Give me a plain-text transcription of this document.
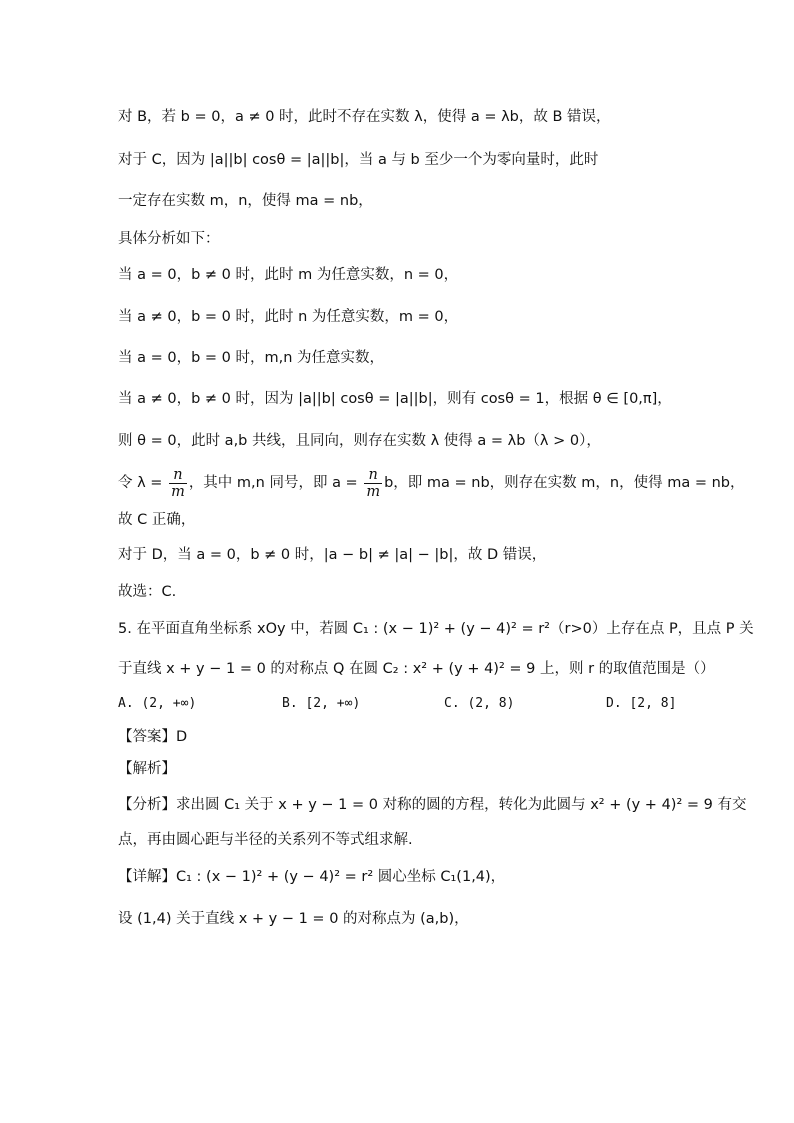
对 B，若 b = 0，a ≠ 0 时，此时不存在实数 λ，使得 a = λb，故 B 错误，
对于 C，因为 |a||b| cosθ = |a||b|，当 a 与 b 至少一个为零向量时，此时
一定存在实数 m，n，使得 ma = nb，
具体分析如下：
当 a = 0，b ≠ 0 时，此时 m 为任意实数，n = 0，
当 a ≠ 0，b = 0 时，此时 n 为任意实数，m = 0，
当 a = 0，b = 0 时，m,n 为任意实数，
当 a ≠ 0，b ≠ 0 时，因为 |a||b| cosθ = |a||b|，则有 cosθ = 1，根据 θ ∈ [0,π]，
则 θ = 0，此时 a,b 共线，且同向，则存在实数 λ 使得 a = λb（λ > 0），
令 $\lambda = \frac{n}{m}$ ，其中 m,n 同号，即 $a = \frac{n}{m}$ b，即 ma = nb，则存在实数 m，n，使得 ma = nb，
故 C 正确，
对于 D，当 a = 0，b ≠ 0 时，|a − b| ≠ |a| − |b|，故 D 错误，
故选：C.
5. 在平面直角坐标系 xOy 中，若圆 C₁ : (x − 1)² + (y − 4)² = r²（r>0）上存在点 P，且点 P 关
于直线 x + y − 1 = 0 的对称点 Q 在圆 C₂ : x² + (y + 4)² = 9 上，则 r 的取值范围是（）
A. (2, +∞)	B. [2, +∞)	C. (2, 8)	D. [2, 8]
【答案】D
【解析】
【分析】求出圆 C₁ 关于 x + y − 1 = 0 对称的圆的方程，转化为此圆与 x² + (y + 4)² = 9 有交
点，再由圆心距与半径的关系列不等式组求解.
【详解】C₁ : (x − 1)² + (y − 4)² = r² 圆心坐标 C₁(1,4)，
设 (1,4) 关于直线 x + y − 1 = 0 的对称点为 (a,b)，
